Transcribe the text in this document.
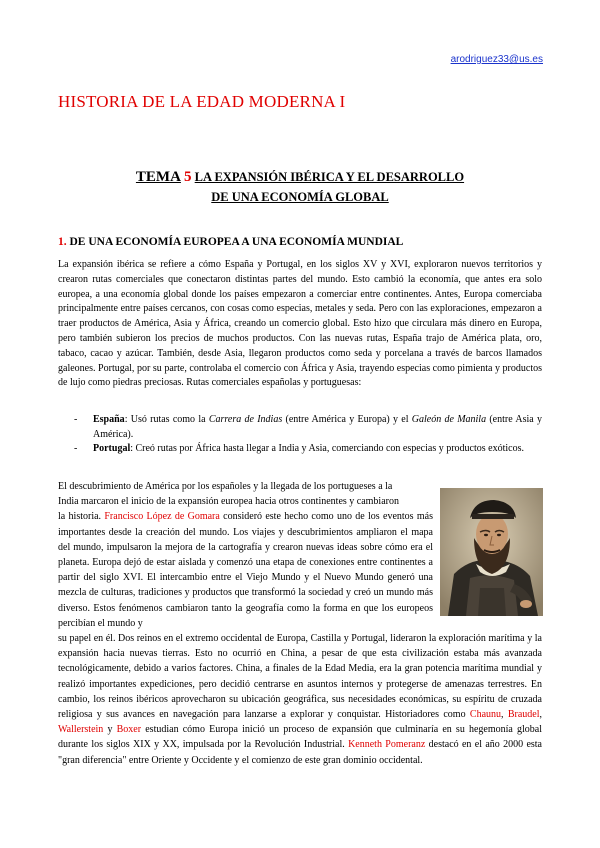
arodriguez33@us.es
HISTORIA DE LA EDAD MODERNA I
TEMA 5 LA EXPANSIÓN IBÉRICA Y EL DESARROLLO
DE UNA ECONOMÍA GLOBAL
1. DE UNA ECONOMÍA EUROPEA A UNA ECONOMÍA MUNDIAL

La expansión ibérica se refiere a cómo España y Portugal, en los siglos XV y XVI, exploraron nuevos territorios y crearon rutas comerciales que conectaron distintas partes del mundo. Esto cambió la economía, que antes era solo europea, a una economía global donde los países empezaron a comerciar entre continentes. Antes, Europa comerciaba principalmente entre países cercanos, con cosas como especias, metales y seda. Pero con las exploraciones, empezaron a traer productos de América, Asia y África, creando un comercio global. Esto hizo que circulara más dinero en Europa, pero también subieron los precios de muchos productos. Con las nuevas rutas, España trajo de América plata, oro, tabaco, cacao y azúcar. También, desde Asia, llegaron productos como seda y porcelana a través de barcos llamados galeones. Portugal, por su parte, controlaba el comercio con África y Asia, trayendo especias como pimienta y productos de lujo como piedras preciosas. Rutas comerciales españolas y portuguesas:

- España: Usó rutas como la Carrera de Indias (entre América y Europa) y el Galeón de Manila (entre Asia y América).
- Portugal: Creó rutas por África hasta llegar a India y Asia, comerciando con especias y productos exóticos.
El descubrimiento de América por los españoles y la llegada de los portugueses a la
India marcaron el inicio de la expansión europea hacia otros continentes y cambiaron
la historia. Francisco López de Gomara consideró este hecho como uno de los eventos más importantes desde la creación del mundo. Los viajes y descubrimientos ampliaron el mapa del mundo, impulsaron la mejora de la cartografía y crearon nuevas ideas sobre cómo era el planeta. Europa dejó de estar aislada y comenzó una etapa de conexiones entre continentes a partir del siglo XVI. El intercambio entre el Viejo Mundo y el Nuevo Mundo generó una mezcla de culturas, tradiciones y productos que transformó la sociedad y creó un mundo más diverso. Estos fenómenos cambiaron tanto la geografía como la forma en que los europeos percibían el mundo y
su papel en él. Dos reinos en el extremo occidental de Europa, Castilla y Portugal, lideraron la exploración marítima y la expansión hacia nuevas tierras. Esto no ocurrió en China, a pesar de que esta civilización estaba más avanzada tecnológicamente, debido a varios factores. China, a finales de la Edad Media, era la gran potencia marítima mundial y realizó importantes expediciones, pero decidió centrarse en asuntos internos y protegerse de amenazas terrestres. En cambio, los reinos ibéricos aprovecharon su ubicación geográfica, sus necesidades económicas, su espíritu de cruzada religiosa y sus avances en navegación para lanzarse a explorar y conquistar. Historiadores como Chaunu, Braudel, Wallerstein y Boxer estudian cómo Europa inició un proceso de expansión que culminaría en su hegemonía global durante los siglos XIX y XX, impulsada por la Revolución Industrial. Kenneth Pomeranz destacó en el año 2000 esta "gran diferencia" entre Oriente y Occidente y el comienzo de este gran dominio occidental.
